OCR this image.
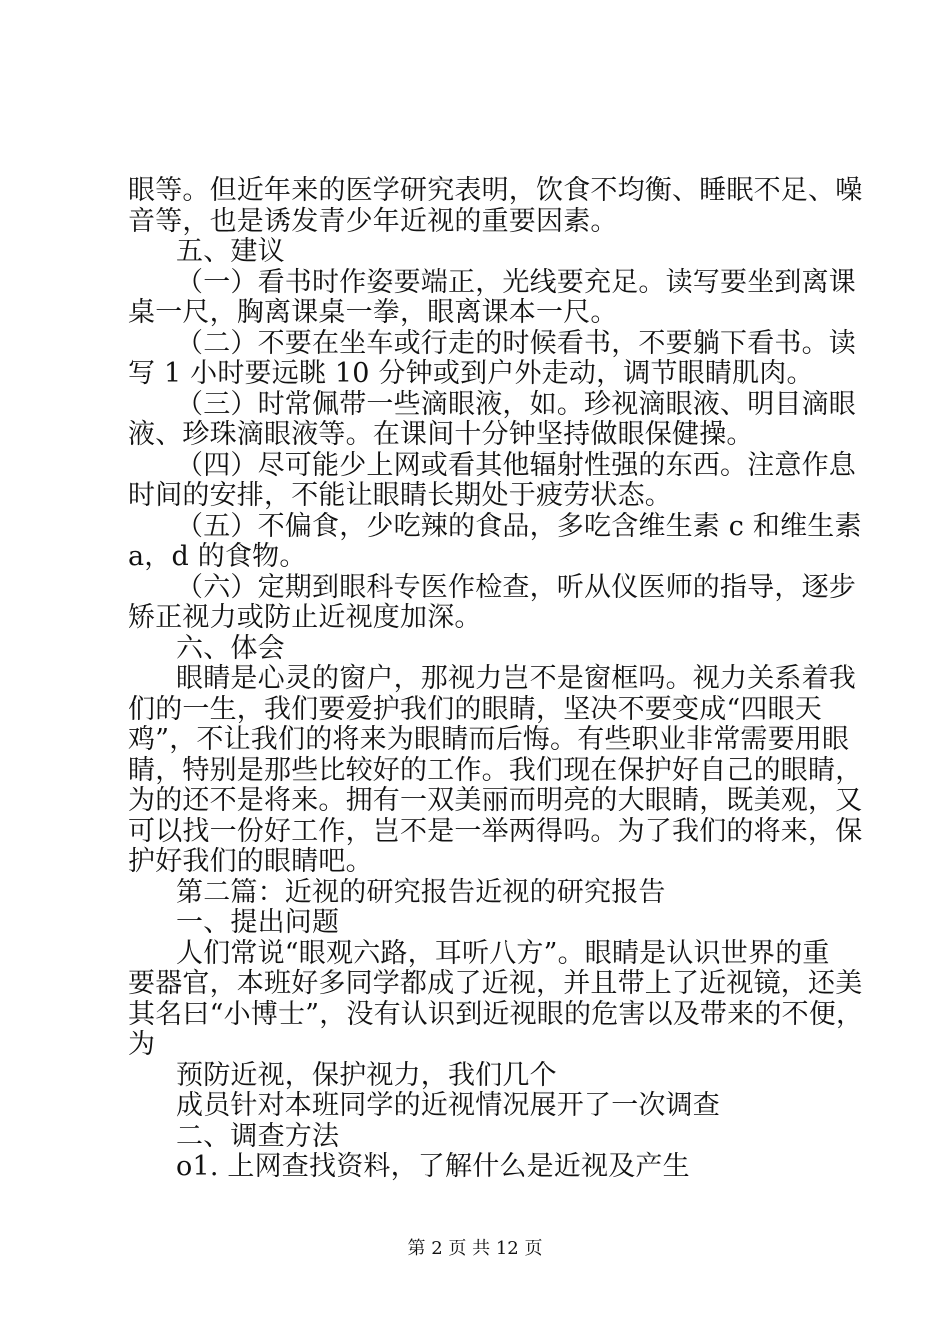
眼等。但近年来的医学研究表明，饮食不均衡、睡眠不足、噪
音等，也是诱发青少年近视的重要因素。
五、建议
（一）看书时作姿要端正，光线要充足。读写要坐到离课
桌一尺，胸离课桌一拳，眼离课本一尺。
（二）不要在坐车或行走的时候看书，不要躺下看书。读
写 1 小时要远眺 10 分钟或到户外走动，调节眼睛肌肉。
（三）时常佩带一些滴眼液，如。珍视滴眼液、明目滴眼
液、珍珠滴眼液等。在课间十分钟坚持做眼保健操。
（四）尽可能少上网或看其他辐射性强的东西。注意作息
时间的安排，不能让眼睛长期处于疲劳状态。
（五）不偏食，少吃辣的食品，多吃含维生素 c 和维生素
a，d 的食物。
（六）定期到眼科专医作检查，听从仪医师的指导，逐步
矫正视力或防止近视度加深。
六、体会
眼睛是心灵的窗户，那视力岂不是窗框吗。视力关系着我
们的一生，我们要爱护我们的眼睛，坚决不要变成“四眼天
鸡”，不让我们的将来为眼睛而后悔。有些职业非常需要用眼
睛，特别是那些比较好的工作。我们现在保护好自己的眼睛，
为的还不是将来。拥有一双美丽而明亮的大眼睛，既美观，又
可以找一份好工作，岂不是一举两得吗。为了我们的将来，保
护好我们的眼睛吧。
第二篇：近视的研究报告近视的研究报告
一、提出问题
人们常说“眼观六路，耳听八方”。眼睛是认识世界的重
要器官，本班好多同学都成了近视，并且带上了近视镜，还美
其名曰“小博士”，没有认识到近视眼的危害以及带来的不便，
为
预防近视，保护视力，我们几个
成员针对本班同学的近视情况展开了一次调查
二、调查方法
o1. 上网查找资料，了解什么是近视及产生
第 2 页 共 12 页
